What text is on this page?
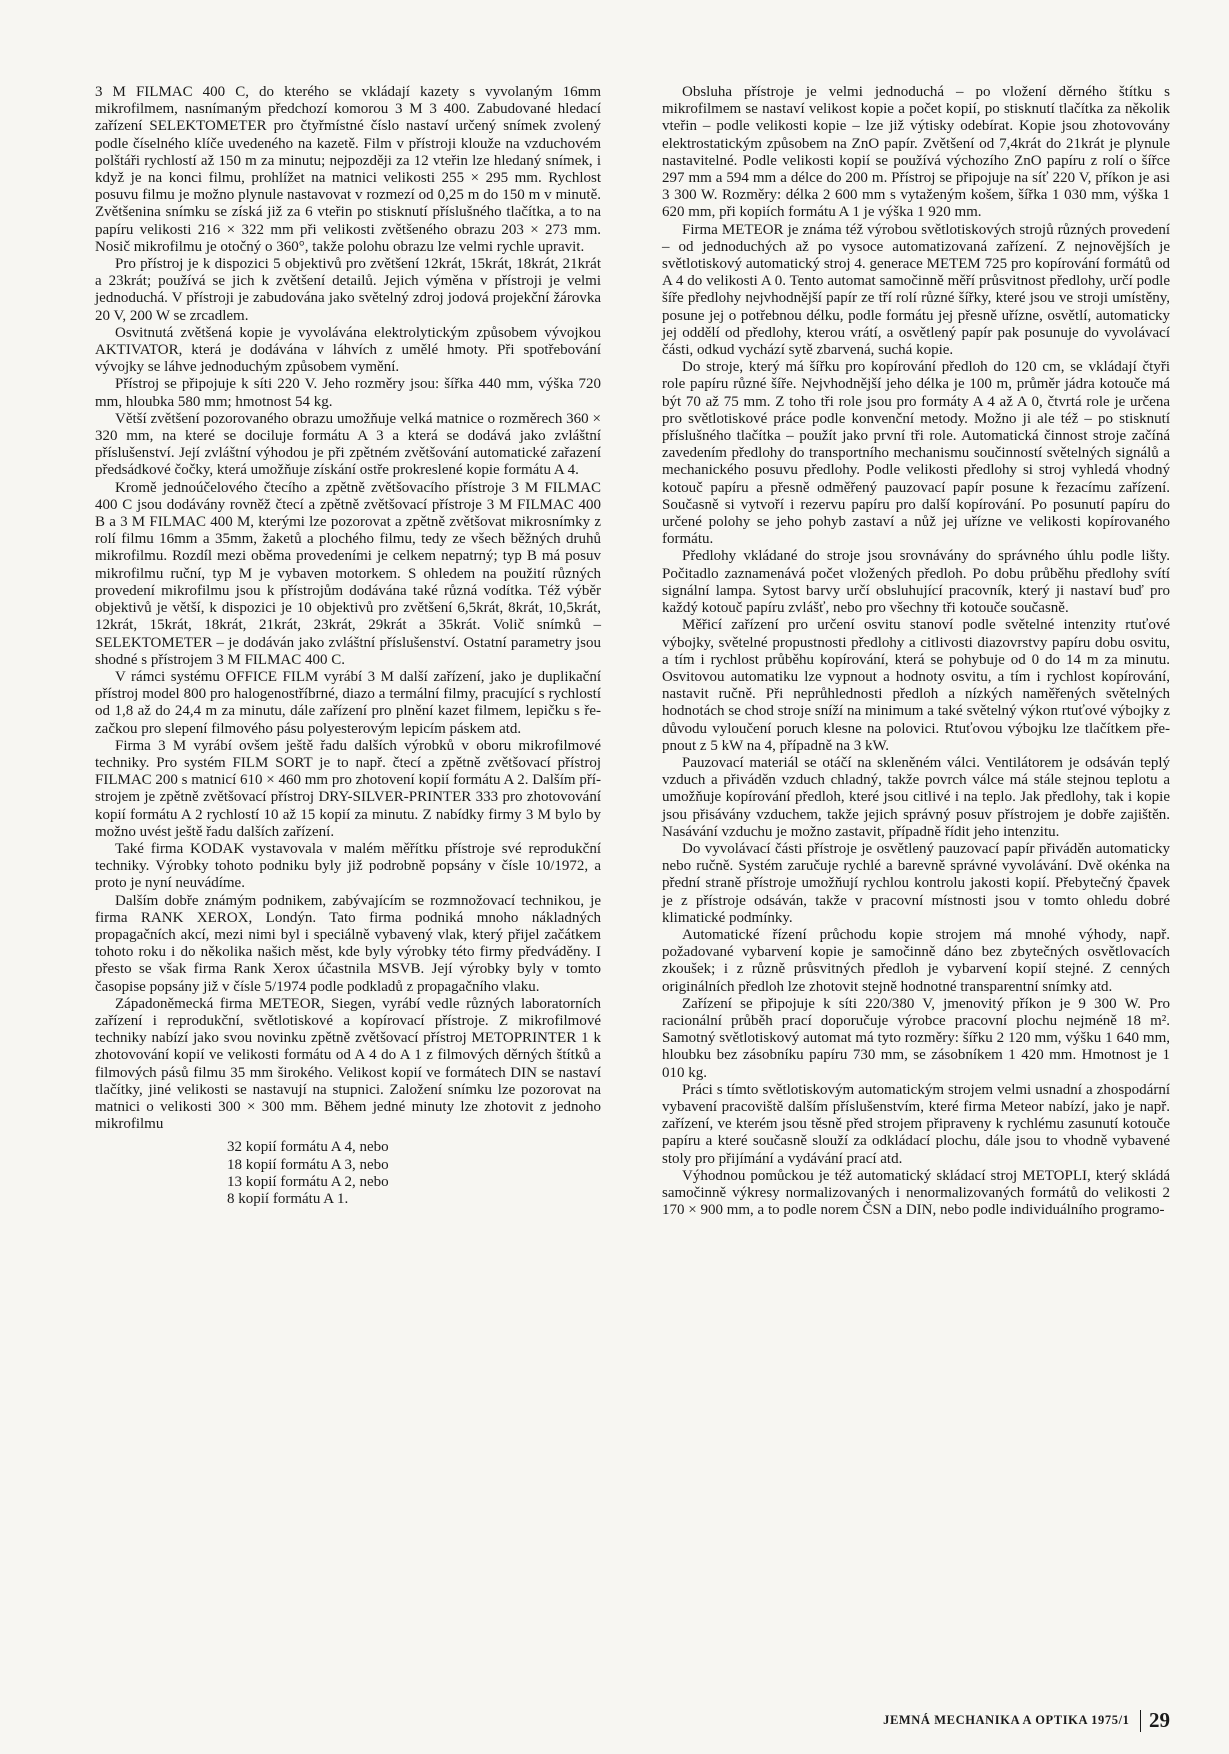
3 M FILMAC 400 C, do kterého se vkládají kazety s vyvolaným 16mm mikrofilmem, nasnímaným předchozí komorou 3 M 3 400. Zabudované hledací zařízení SELEKTOMETER pro čtyřmístné číslo nastaví určený snímek zvolený podle číselného klíče uvedeného na kazetě. Film v přístroji klouže na vzduchovém polštáři rychlostí až 150 m za minutu; nejpozději za 12 vteřin lze hledaný snímek, i když je na konci filmu, prohlížet na matnici velikosti 255 × 295 mm. Rychlost posuvu filmu je možno plynule nastavovat v rozmezí od 0,25 m do 150 m v minutě. Zvětšenina snímku se získá již za 6 vteřin po stisknutí příslušného tlačítka, a to na papíru velikosti 216 × 322 mm při velikosti zvětšeného obrazu 203 × 273 mm. Nosič mikrofilmu je otočný o 360°, takže polohu obrazu lze velmi rychle upravit.

Pro přístroj je k dispozici 5 objektivů pro zvětšení 12krát, 15krát, 18krát, 21krát a 23krát; používá se jich k zvětšení detailů. Jejich výměna v přístroji je velmi jednoduchá. V přístroji je zabudována jako světelný zdroj jodová projekční žárovka 20 V, 200 W se zrcadlem.

Osvitnutá zvětšená kopie je vyvolávána elektrolytickým způsobem vývojkou AKTIVATOR, která je dodávána v láhvích z umělé hmoty. Při spotřebování vývojky se láhve jednoduchým způsobem vymění.

Přístroj se připojuje k síti 220 V. Jeho rozměry jsou: šířka 440 mm, výška 720 mm, hloubka 580 mm; hmotnost 54 kg.

Větší zvětšení pozorovaného obrazu umožňuje velká matnice o rozměrech 360 × 320 mm, na které se dociluje formátu A 3 a která se dodává jako zvláštní příslušenství. Její zvláštní výhodou je při zpětném zvětšování automatické zařazení předsádkové čočky, která umožňuje získání ostře prokreslené kopie formátu A 4.

Kromě jednoúčelového čtecího a zpětně zvětšovacího přístroje 3 M FILMAC 400 C jsou dodávány rovněž čtecí a zpětně zvětšovací přístroje 3 M FILMAC 400 B a 3 M FILMAC 400 M, kterými lze pozorovat a zpětně zvětšovat mikrosnímky z rolí filmu 16mm a 35mm, žaketů a plochého filmu, tedy ze všech běžných druhů mikrofilmu. Rozdíl mezi oběma provedeními je celkem nepatrný; typ B má posuv mikrofilmu ruční, typ M je vybaven motorkem. S ohledem na použití různých provedení mikrofilmu jsou k přístrojům dodávána také různá vodítka. Též výběr objektivů je větší, k dispozici je 10 objektivů pro zvětšení 6,5krát, 8krát, 10,5krát, 12krát, 15krát, 18krát, 21krát, 23krát, 29krát a 35krát. Volič snímků – SELEKTOMETER – je dodáván jako zvláštní příslušenství. Ostatní parametry jsou shodné s přístrojem 3 M FILMAC 400 C.

V rámci systému OFFICE FILM vyrábí 3 M další zařízení, jako je duplikační přístroj model 800 pro halogenostříbrné, diazo a termální filmy, pracující s rychlostí od 1,8 až do 24,4 m za minutu, dále zařízení pro plnění kazet filmem, lepičku s řezačkou pro slepení filmového pásu polyesterovým lepicím páskem atd.

Firma 3 M vyrábí ovšem ještě řadu dalších výrobků v oboru mikrofilmové techniky. Pro systém FILM SORT je to např. čtecí a zpětně zvětšovací přístroj FILMAC 200 s matnicí 610 × 460 mm pro zhotovení kopií formátu A 2. Dalším přístrojem je zpětně zvětšovací přístroj DRY-SILVER-PRINTER 333 pro zhotovování kopií formátu A 2 rychlostí 10 až 15 kopií za minutu. Z nabídky firmy 3 M bylo by možno uvést ještě řadu dalších zařízení.

Také firma KODAK vystavovala v malém měřítku přístroje své reprodukční techniky. Výrobky tohoto podniku byly již podrobně popsány v čísle 10/1972, a proto je nyní neuvádíme.

Dalším dobře známým podnikem, zabývajícím se rozmnožovací technikou, je firma RANK XEROX, Londýn. Tato firma podniká mnoho nákladných propagačních akcí, mezi nimi byl i speciálně vybavený vlak, který přijel začátkem tohoto roku i do několika našich měst, kde byly výrobky této firmy předváděny. I přesto se však firma Rank Xerox účastnila MSVB. Její výrobky byly v tomto časopise popsány již v čísle 5/1974 podle podkladů z propagačního vlaku.

Západoněmecká firma METEOR, Siegen, vyrábí vedle různých laboratorních zařízení i reprodukční, světlotiskové a kopírovací přístroje. Z mikrofilmové techniky nabízí jako svou novinku zpětně zvětšovací přístroj METOPRINTER 1 k zhotovování kopií ve velikosti formátu od A 4 do A 1 z filmových děrných štítků a filmových pásů filmu 35 mm širokého. Velikost kopií ve formátech DIN se nastaví tlačítky, jiné velikosti se nastavují na stupnici. Založení snímku lze pozorovat na matnici o velikosti 300 × 300 mm. Během jedné minuty lze zhotovit z jednoho mikrofilmu

32 kopií formátu A 4, nebo
18 kopií formátu A 3, nebo
13 kopií formátu A 2, nebo
8 kopií formátu A 1.

Obsluha přístroje je velmi jednoduchá – po vložení děrného štítku s mikrofilmem se nastaví velikost kopie a počet kopií, po stisknutí tlačítka za několik vteřin – podle velikosti kopie – lze již výtisky odebírat. Kopie jsou zhotovovány elektrostatickým způsobem na ZnO papír. Zvětšení od 7,4krát do 21krát je plynule nastavitelné. Podle velikosti kopií se používá výchozího ZnO papíru z rolí o šířce 297 mm a 594 mm a délce do 200 m. Přístroj se připojuje na síť 220 V, příkon je asi 3 300 W. Rozměry: délka 2 600 mm s vytaženým košem, šířka 1 030 mm, výška 1 620 mm, při kopiích formátu A 1 je výška 1 920 mm.

Firma METEOR je známa též výrobou světlotiskových strojů různých provedení – od jednoduchých až po vysoce automatizovaná zařízení. Z nejnovějších je světlotiskový automatický stroj 4. generace METEM 725 pro kopírování formátů od A 4 do velikosti A 0. Tento automat samočinně měří průsvitnost předlohy, určí podle šíře předlohy nejvhodnější papír ze tří rolí různé šířky, které jsou ve stroji umístěny, posune jej o potřebnou délku, podle formátu jej přesně uřízne, osvětlí, automaticky jej oddělí od předlohy, kterou vrátí, a osvětlený papír pak posunuje do vyvolávací části, odkud vychází sytě zbarvená, suchá kopie.

Do stroje, který má šířku pro kopírování předloh do 120 cm, se vkládají čtyři role papíru různé šíře. Nejvhodnější jeho délka je 100 m, průměr jádra kotouče má být 70 až 75 mm. Z toho tři role jsou pro formáty A 4 až A 0, čtvrtá role je určena pro světlotiskové práce podle konvenční metody. Možno ji ale též – po stisknutí příslušného tlačítka – použít jako první tři role. Automatická činnost stroje začíná zavedením předlohy do transportního mechanismu součinností světelných signálů a mechanického posuvu předlohy. Podle velikosti předlohy si stroj vyhledá vhodný kotouč papíru a přesně odměřený pauzovací papír posune k řezacímu zařízení. Současně si vytvoří i rezervu papíru pro další kopírování. Po posunutí papíru do určené polohy se jeho pohyb zastaví a nůž jej uřízne ve velikosti kopírovaného formátu.

Předlohy vkládané do stroje jsou srovnávány do správného úhlu podle lišty. Počitadlo zaznamenává počet vložených předloh. Po dobu průběhu předlohy svítí signální lampa. Sytost barvy určí obsluhující pracovník, který ji nastaví buď pro každý kotouč papíru zvlášť, nebo pro všechny tři kotouče současně.

Měřicí zařízení pro určení osvitu stanoví podle světelné intenzity rtuťové výbojky, světelné propustnosti předlohy a citlivosti diazovrstvy papíru dobu osvitu, a tím i rychlost průběhu kopírování, která se pohybuje od 0 do 14 m za minutu. Osvitovou automatiku lze vypnout a hodnoty osvitu, a tím i rychlost kopírování, nastavit ručně. Při neprůhlednosti předloh a nízkých naměřených světelných hodnotách se chod stroje sníží na minimum a také světelný výkon rtuťové výbojky z důvodu vyloučení poruch klesne na polovici. Rtuťovou výbojku lze tlačítkem přepnout z 5 kW na 4, případně na 3 kW.

Pauzovací materiál se otáčí na skleněném válci. Ventilátorem je odsáván teplý vzduch a přiváděn vzduch chladný, takže povrch válce má stále stejnou teplotu a umožňuje kopírování předloh, které jsou citlivé i na teplo. Jak předlohy, tak i kopie jsou přisávány vzduchem, takže jejich správný posuv přístrojem je dobře zajištěn. Nasávání vzduchu je možno zastavit, případně řídit jeho intenzitu.

Do vyvolávací části přístroje je osvětlený pauzovací papír přiváděn automaticky nebo ručně. Systém zaručuje rychlé a barevně správné vyvolávání. Dvě okénka na přední straně přístroje umožňují rychlou kontrolu jakosti kopií. Přebytečný čpavek je z přístroje odsáván, takže v pracovní místnosti jsou v tomto ohledu dobré klimatické podmínky.

Automatické řízení průchodu kopie strojem má mnohé výhody, např. požadované vybarvení kopie je samočinně dáno bez zbytečných osvětlovacích zkoušek; i z různě průsvitných předloh je vybarvení kopií stejné. Z cenných originálních předloh lze zhotovit stejně hodnotné transparentní snímky atd.

Zařízení se připojuje k síti 220/380 V, jmenovitý příkon je 9 300 W. Pro racionální průběh prací doporučuje výrobce pracovní plochu nejméně 18 m². Samotný světlotiskový automat má tyto rozměry: šířku 2 120 mm, výšku 1 640 mm, hloubku bez zásobníku papíru 730 mm, se zásobníkem 1 420 mm. Hmotnost je 1 010 kg.

Práci s tímto světlotiskovým automatickým strojem velmi usnadní a zhospodární vybavení pracoviště dalším příslušenstvím, které firma Meteor nabízí, jako je např. zařízení, ve kterém jsou těsně před strojem připraveny k rychlému zasunutí kotouče papíru a které současně slouží za odkládací plochu, dále jsou to vhodně vybavené stoly pro přijímání a vydávání prací atd.

Výhodnou pomůckou je též automatický skládací stroj METOPLI, který skládá samočinně výkresy normalizovaných i nenormalizovaných formátů do velikosti 2 170 × 900 mm, a to podle norem ČSN a DIN, nebo podle individuálního programo-

JEMNÁ MECHANIKA A OPTIKA 1975/1 29
